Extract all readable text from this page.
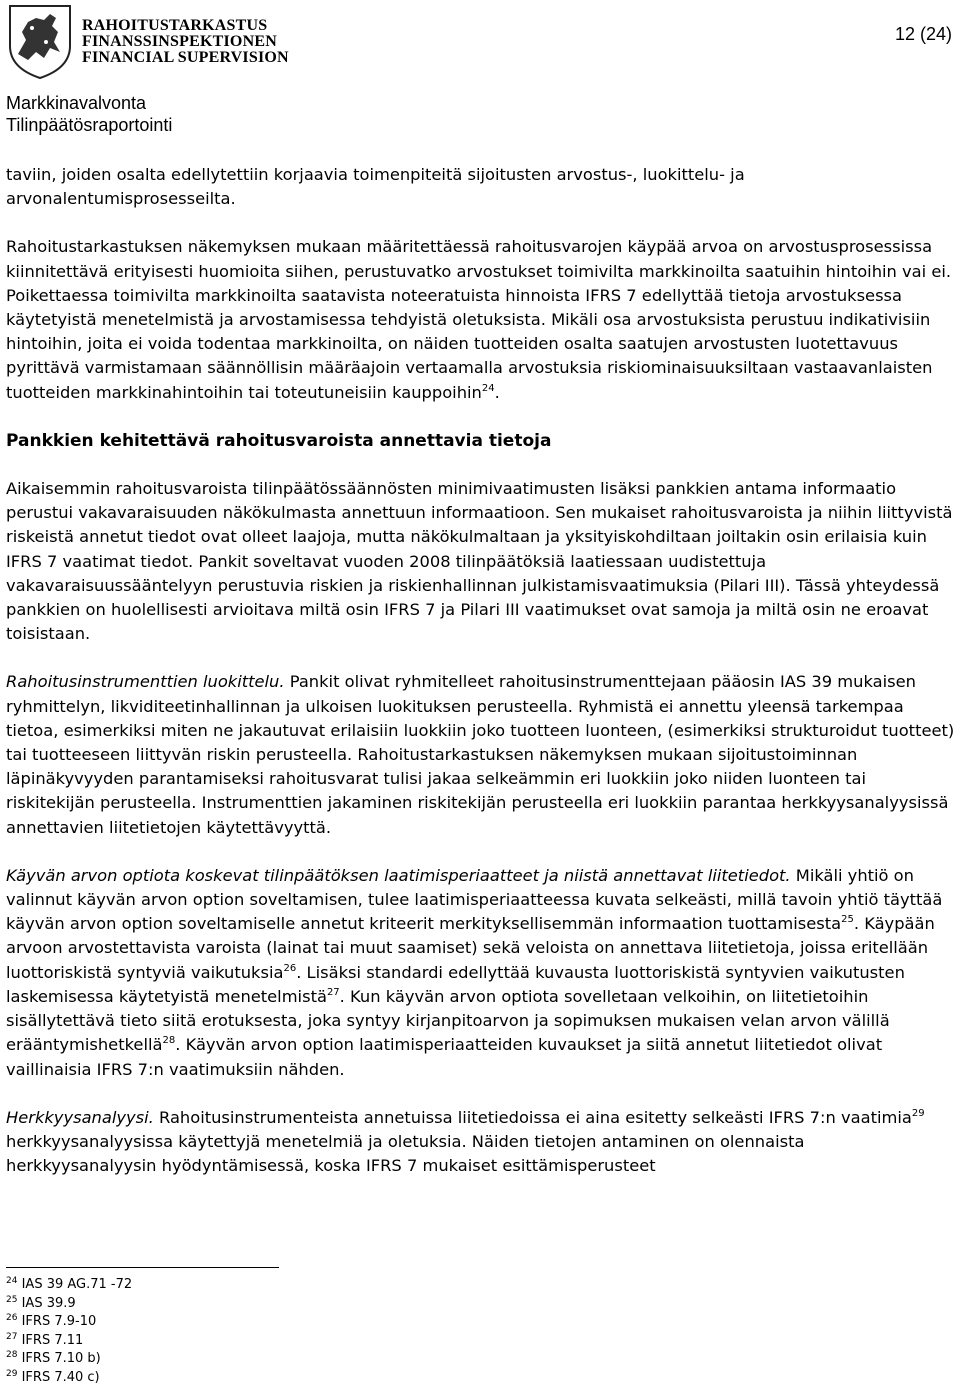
RAHOITUSTARKASTUS
FINANSSINSPEKTIONEN
FINANCIAL SUPERVISION
12 (24)
Markkinavalvonta
Tilinpäätösraportointi

taviin, joiden osalta edellytettiin korjaavia toimenpiteitä sijoitusten arvostus-, luokittelu- ja arvonalentumisprosesseilta.

Rahoitustarkastuksen näkemyksen mukaan määritettäessä rahoitusvarojen käypää arvoa on arvostusprosessissa kiinnitettävä erityisesti huomioita siihen, perustuvatko arvostukset toimivilta markkinoilta saatuihin hintoihin vai ei. Poikettaessa toimivilta markkinoilta saatavista noteeratuista hinnoista IFRS 7 edellyttää tietoja arvostuksessa käytetyistä menetelmistä ja arvostamisessa tehdyistä oletuksista. Mikäli osa arvostuksista perustuu indikativisiin hintoihin, joita ei voida todentaa markkinoilta, on näiden tuotteiden osalta saatujen arvostusten luotettavuus pyrittävä varmistamaan säännöllisin määräajoin vertaamalla arvostuksia riskiominaisuuksiltaan vastaavanlaisten tuotteiden markkinahintoihin tai toteutuneisiin kauppoihin$^{24}$.

Pankkien kehitettävä rahoitusvaroista annettavia tietoja

Aikaisemmin rahoitusvaroista tilinpäätössäännösten minimivaatimusten lisäksi pankkien antama informaatio perustui vakavaraisuuden näkökulmasta annettuun informaatioon. Sen mukaiset rahoitusvaroista ja niihin liittyvistä riskeistä annetut tiedot ovat olleet laajoja, mutta näkökulmaltaan ja yksityiskohdiltaan joiltakin osin erilaisia kuin IFRS 7 vaatimat tiedot. Pankit soveltavat vuoden 2008 tilinpäätöksiä laatiessaan uudistettuja vakavaraisuussääntelyyn perustuvia riskien ja riskienhallinnan julkistamisvaatimuksia (Pilari III). Tässä yhteydessä pankkien on huolellisesti arvioitava miltä osin IFRS 7 ja Pilari III vaatimukset ovat samoja ja miltä osin ne eroavat toisistaan.

Rahoitusinstrumenttien luokittelu. Pankit olivat ryhmitelleet rahoitusinstrumenttejaan pääosin IAS 39 mukaisen ryhmittelyn, likviditeetinhallinnan ja ulkoisen luokituksen perusteella. Ryhmistä ei annettu yleensä tarkempaa tietoa, esimerkiksi miten ne jakautuvat erilaisiin luokkiin joko tuotteen luonteen, (esimerkiksi strukturoidut tuotteet) tai tuotteeseen liittyvän riskin perusteella. Rahoitustarkastuksen näkemyksen mukaan sijoitustoiminnan läpinäkyvyyden parantamiseksi rahoitusvarat tulisi jakaa selkeämmin eri luokkiin joko niiden luonteen tai riskitekijän perusteella. Instrumenttien jakaminen riskitekijän perusteella eri luokkiin parantaa herkkyysanalyysissä annettavien liitetietojen käytettävyyttä.

Käyvän arvon optiota koskevat tilinpäätöksen laatimisperiaatteet ja niistä annettavat liitetiedot. Mikäli yhtiö on valinnut käyvän arvon option soveltamisen, tulee laatimisperiaatteessa kuvata selkeästi, millä tavoin yhtiö täyttää käyvän arvon option soveltamiselle annetut kriteerit merkityksellisemmän informaation tuottamisesta$^{25}$. Käypään arvoon arvostettavista varoista (lainat tai muut saamiset) sekä veloista on annettava liitetietoja, joissa eritellään luottoriskistä syntyviä vaikutuksia$^{26}$. Lisäksi standardi edellyttää kuvausta luottoriskistä syntyvien vaikutusten laskemisessa käytetyistä menetelmistä$^{27}$. Kun käyvän arvon optiota sovelletaan velkoihin, on liitetietoihin sisällytettävä tieto siitä erotuksesta, joka syntyy kirjanpitoarvon ja sopimuksen mukaisen velan arvon välillä erääntymishetkellä$^{28}$. Käyvän arvon option laatimisperiaatteiden kuvaukset ja siitä annetut liitetiedot olivat vaillinaisia IFRS 7:n vaatimuksiin nähden.

Herkkyysanalyysi. Rahoitusinstrumenteista annetuissa liitetiedoissa ei aina esitetty selkeästi IFRS 7:n vaatimia$^{29}$ herkkyysanalyysissa käytettyjä menetelmiä ja oletuksia. Näiden tietojen antaminen on olennaista herkkyysanalyysin hyödyntämisessä, koska IFRS 7 mukaiset esittämisperusteet

$^{24}$ IAS 39 AG.71 -72
$^{25}$ IAS 39.9
$^{26}$ IFRS 7.9-10
$^{27}$ IFRS 7.11
$^{28}$ IFRS 7.10 b)
$^{29}$ IFRS 7.40 c)
